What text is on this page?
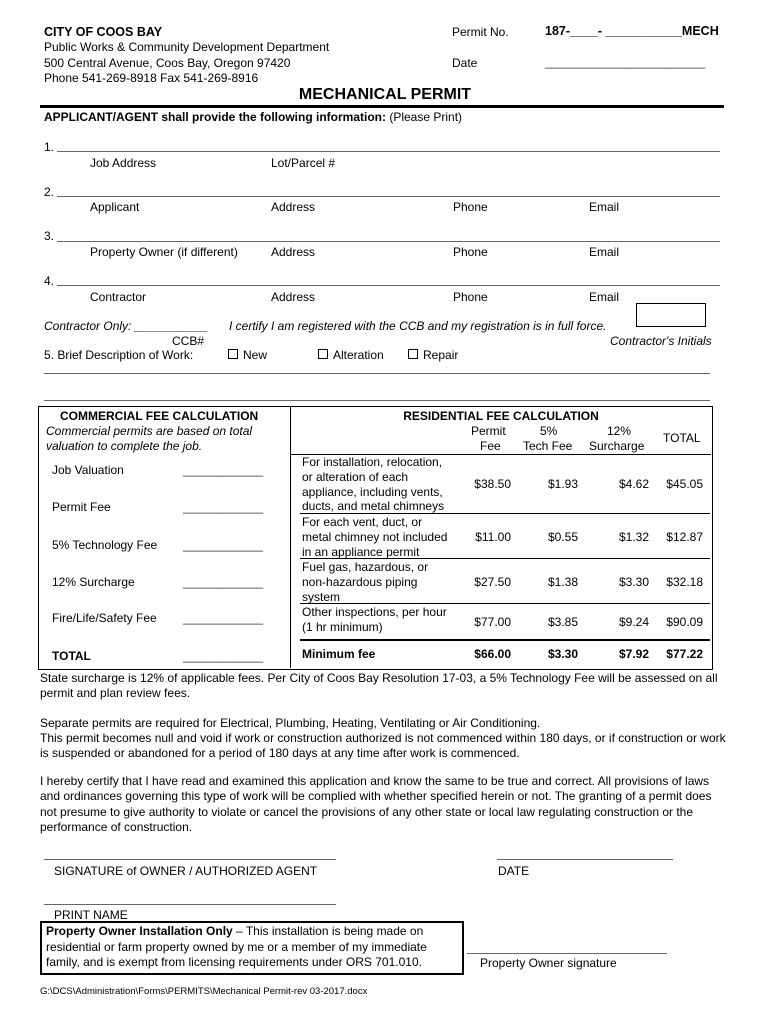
CITY OF COOS BAY
Public Works & Community Development Department
500 Central Avenue, Coos Bay, Oregon 97420
Phone 541-269-8918 Fax 541-269-8916
Permit No.	187-____- ___________MECH
Date	________________________
MECHANICAL PERMIT
APPLICANT/AGENT shall provide the following information: (Please Print)
1.
Job Address	Lot/Parcel #
2.
Applicant	Address	Phone	Email
3.
Property Owner (if different)	Address	Phone	Email
4.
Contractor	Address	Phone	Email
Contractor Only: ___________ I certify I am registered with the CCB and my registration is in full force.
CCB#	Contractor's Initials
5. Brief Description of Work:	New	Alteration	Repair
COMMERCIAL FEE CALCULATION
Commercial permits are based on total
valuation to complete the job.
Job Valuation	____________
Permit Fee	____________
5% Technology Fee ____________
12% Surcharge	____________
Fire/Life/Safety Fee ____________
TOTAL	____________
RESIDENTIAL FEE CALCULATION
Permit
Fee
5%
Tech Fee
12%
Surcharge
TOTAL
For installation, relocation,
or alteration of each
appliance, including vents,
ducts, and metal chimneys
$38.50	$1.93	$4.62 $45.05
For each vent, duct, or
metal chimney not included
in an appliance permit
$11.00	$0.55	$1.32 $12.87
Fuel gas, hazardous, or
non-hazardous piping
system
$27.50	$1.38	$3.30 $32.18
Other inspections, per hour
(1 hr minimum)	$77.00	$3.85	$9.24 $90.09
Minimum fee	$66.00	$3.30	$7.92 $77.22
State surcharge is 12% of applicable fees. Per City of Coos Bay Resolution 17-03, a 5% Technology Fee will be assessed on all permit and plan review fees.
Separate permits are required for Electrical, Plumbing, Heating, Ventilating or Air Conditioning.
This permit becomes null and void if work or construction authorized is not commenced within 180 days, or if construction or work is suspended or abandoned for a period of 180 days at any time after work is commenced.
I hereby certify that I have read and examined this application and know the same to be true and correct. All provisions of laws and ordinances governing this type of work will be complied with whether specified herein or not. The granting of a permit does not presume to give authority to violate or cancel the provisions of any other state or local law regulating construction or the performance of construction.
SIGNATURE of OWNER / AUTHORIZED AGENT	DATE
PRINT NAME
Property Owner Installation Only – This installation is being made on
residential or farm property owned by me or a member of my immediate
family, and is exempt from licensing requirements under ORS 701.010.	Property Owner signature
G:\DCS\Administration\Forms\PERMITS\Mechanical Permit-rev 03-2017.docx
